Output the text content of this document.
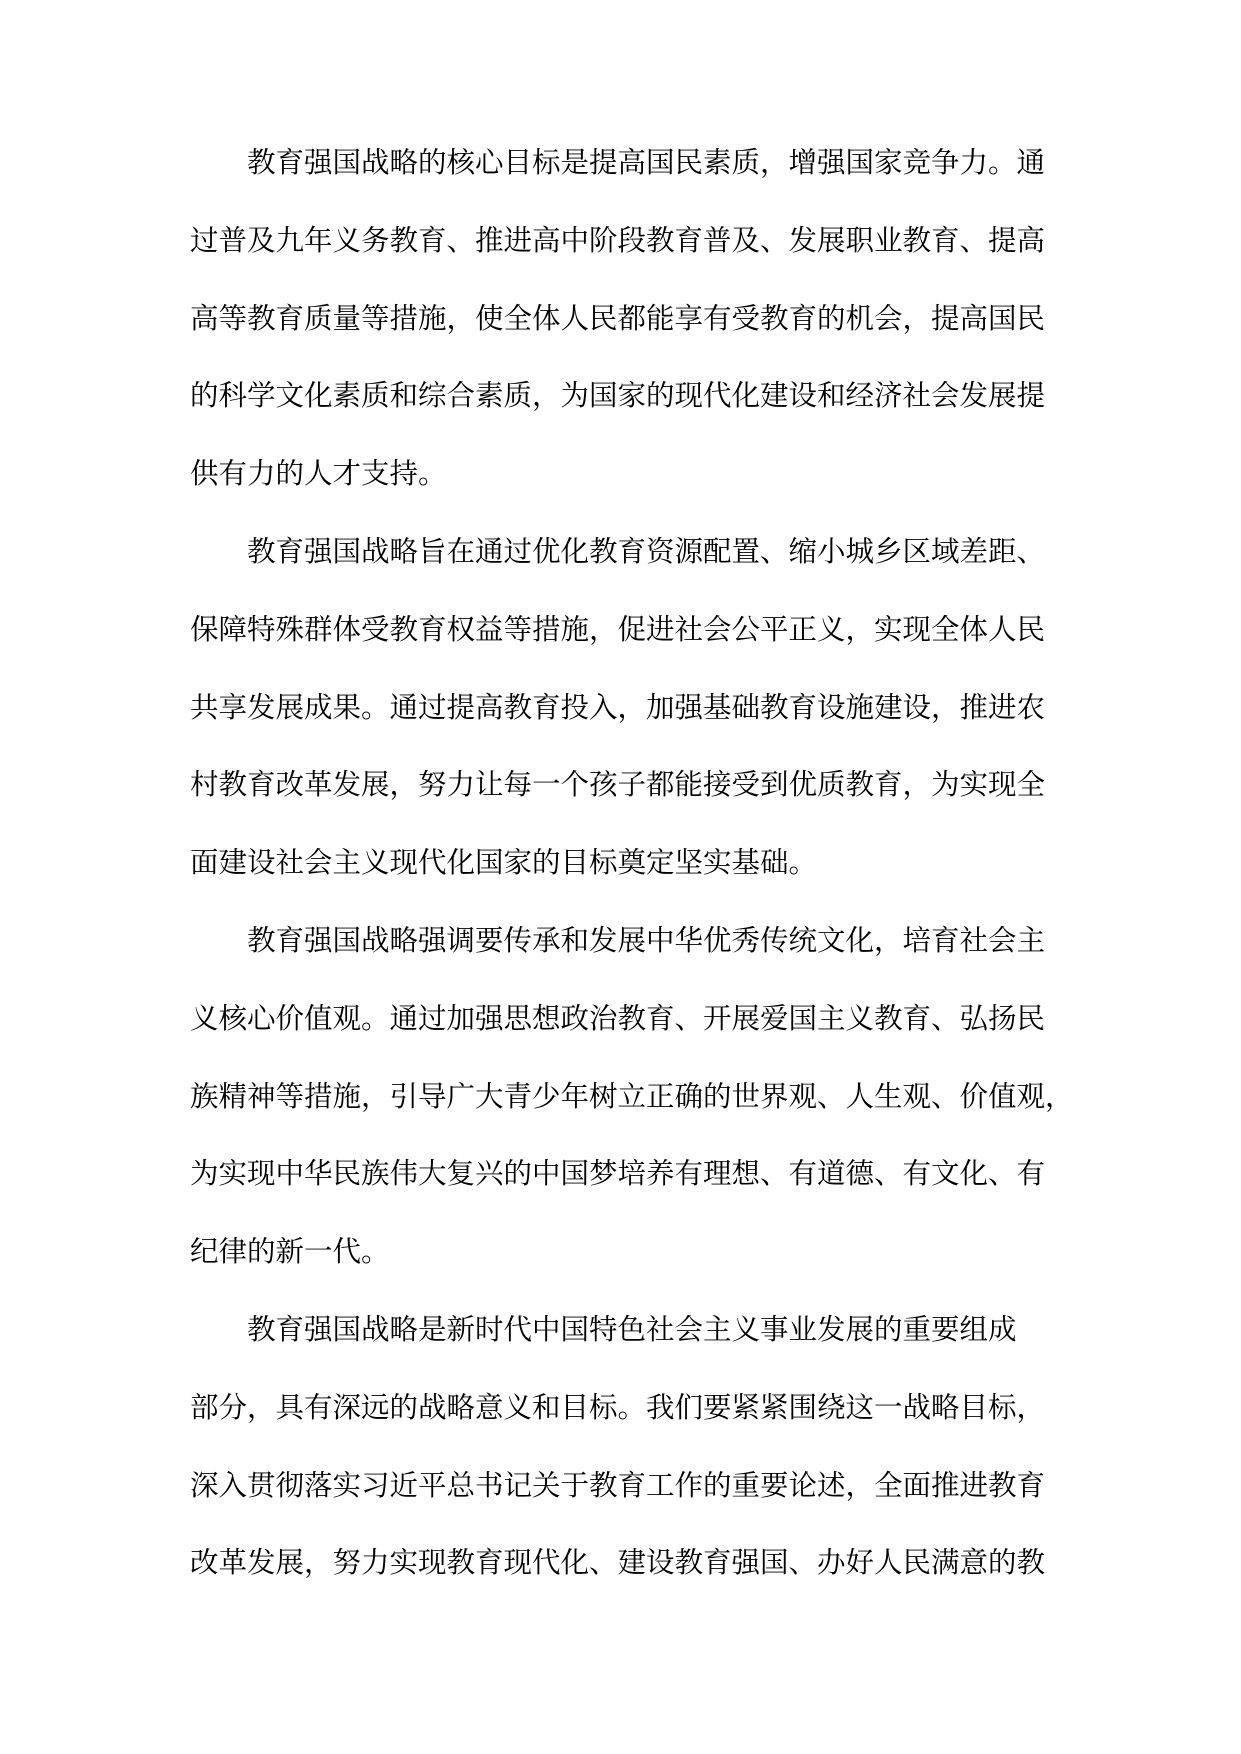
教育强国战略的核心目标是提高国民素质，增强国家竞争力。通
过普及九年义务教育、推进高中阶段教育普及、发展职业教育、提高
高等教育质量等措施，使全体人民都能享有受教育的机会，提高国民
的科学文化素质和综合素质，为国家的现代化建设和经济社会发展提
供有力的人才支持。
教育强国战略旨在通过优化教育资源配置、缩小城乡区域差距、
保障特殊群体受教育权益等措施，促进社会公平正义，实现全体人民
共享发展成果。通过提高教育投入，加强基础教育设施建设，推进农
村教育改革发展，努力让每一个孩子都能接受到优质教育，为实现全
面建设社会主义现代化国家的目标奠定坚实基础。
教育强国战略强调要传承和发展中华优秀传统文化，培育社会主
义核心价值观。通过加强思想政治教育、开展爱国主义教育、弘扬民
族精神等措施，引导广大青少年树立正确的世界观、人生观、价值观，
为实现中华民族伟大复兴的中国梦培养有理想、有道德、有文化、有
纪律的新一代。
教育强国战略是新时代中国特色社会主义事业发展的重要组成
部分，具有深远的战略意义和目标。我们要紧紧围绕这一战略目标，
深入贯彻落实习近平总书记关于教育工作的重要论述，全面推进教育
改革发展，努力实现教育现代化、建设教育强国、办好人民满意的教
